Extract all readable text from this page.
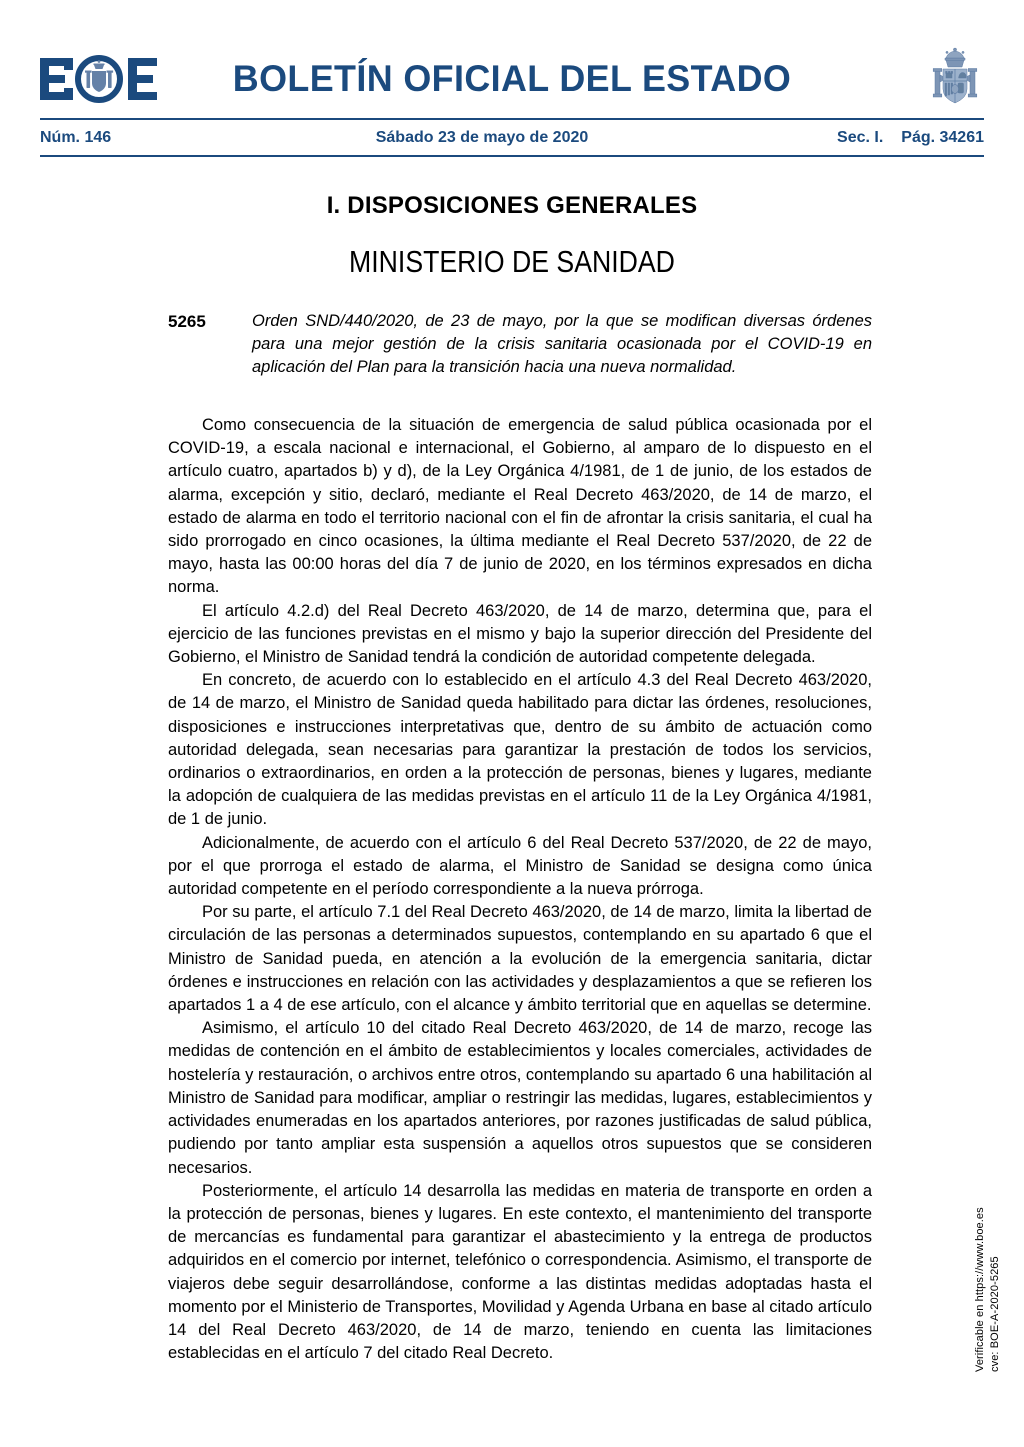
BOLETÍN OFICIAL DEL ESTADO
Núm. 146	Sábado 23 de mayo de 2020	Sec. I. Pág. 34261
I. DISPOSICIONES GENERALES
MINISTERIO DE SANIDAD
5265	Orden SND/440/2020, de 23 de mayo, por la que se modifican diversas órdenes para una mejor gestión de la crisis sanitaria ocasionada por el COVID-19 en aplicación del Plan para la transición hacia una nueva normalidad.

Como consecuencia de la situación de emergencia de salud pública ocasionada por el COVID-19, a escala nacional e internacional, el Gobierno, al amparo de lo dispuesto en el artículo cuatro, apartados b) y d), de la Ley Orgánica 4/1981, de 1 de junio, de los estados de alarma, excepción y sitio, declaró, mediante el Real Decreto 463/2020, de 14 de marzo, el estado de alarma en todo el territorio nacional con el fin de afrontar la crisis sanitaria, el cual ha sido prorrogado en cinco ocasiones, la última mediante el Real Decreto 537/2020, de 22 de mayo, hasta las 00:00 horas del día 7 de junio de 2020, en los términos expresados en dicha norma.

El artículo 4.2.d) del Real Decreto 463/2020, de 14 de marzo, determina que, para el ejercicio de las funciones previstas en el mismo y bajo la superior dirección del Presidente del Gobierno, el Ministro de Sanidad tendrá la condición de autoridad competente delegada.

En concreto, de acuerdo con lo establecido en el artículo 4.3 del Real Decreto 463/2020, de 14 de marzo, el Ministro de Sanidad queda habilitado para dictar las órdenes, resoluciones, disposiciones e instrucciones interpretativas que, dentro de su ámbito de actuación como autoridad delegada, sean necesarias para garantizar la prestación de todos los servicios, ordinarios o extraordinarios, en orden a la protección de personas, bienes y lugares, mediante la adopción de cualquiera de las medidas previstas en el artículo 11 de la Ley Orgánica 4/1981, de 1 de junio.

Adicionalmente, de acuerdo con el artículo 6 del Real Decreto 537/2020, de 22 de mayo, por el que prorroga el estado de alarma, el Ministro de Sanidad se designa como única autoridad competente en el período correspondiente a la nueva prórroga.

Por su parte, el artículo 7.1 del Real Decreto 463/2020, de 14 de marzo, limita la libertad de circulación de las personas a determinados supuestos, contemplando en su apartado 6 que el Ministro de Sanidad pueda, en atención a la evolución de la emergencia sanitaria, dictar órdenes e instrucciones en relación con las actividades y desplazamientos a que se refieren los apartados 1 a 4 de ese artículo, con el alcance y ámbito territorial que en aquellas se determine.

Asimismo, el artículo 10 del citado Real Decreto 463/2020, de 14 de marzo, recoge las medidas de contención en el ámbito de establecimientos y locales comerciales, actividades de hostelería y restauración, o archivos entre otros, contemplando su apartado 6 una habilitación al Ministro de Sanidad para modificar, ampliar o restringir las medidas, lugares, establecimientos y actividades enumeradas en los apartados anteriores, por razones justificadas de salud pública, pudiendo por tanto ampliar esta suspensión a aquellos otros supuestos que se consideren necesarios.

Posteriormente, el artículo 14 desarrolla las medidas en materia de transporte en orden a la protección de personas, bienes y lugares. En este contexto, el mantenimiento del transporte de mercancías es fundamental para garantizar el abastecimiento y la entrega de productos adquiridos en el comercio por internet, telefónico o correspondencia. Asimismo, el transporte de viajeros debe seguir desarrollándose, conforme a las distintas medidas adoptadas hasta el momento por el Ministerio de Transportes, Movilidad y Agenda Urbana en base al citado artículo 14 del Real Decreto 463/2020, de 14 de marzo, teniendo en cuenta las limitaciones establecidas en el artículo 7 del citado Real Decreto.	cve: BOE-A-2020-5265
Verificable en https://www.boe.es
